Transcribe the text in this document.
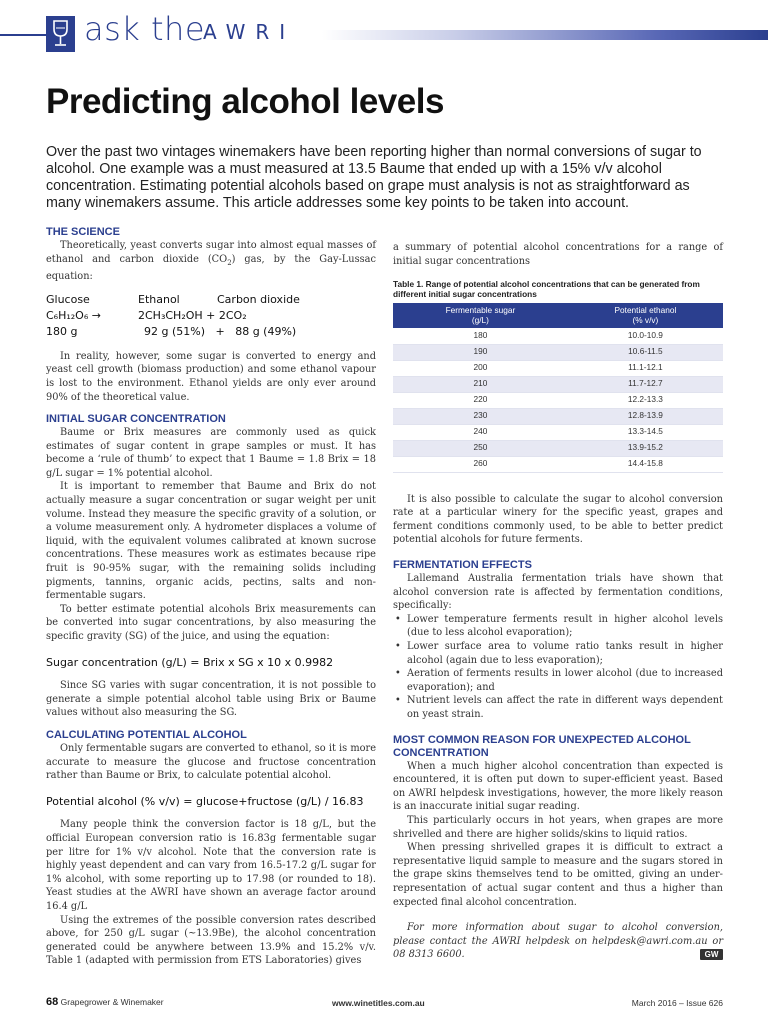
ask the
AWRI
Predicting alcohol levels
Over the past two vintages winemakers have been reporting higher than normal conversions of sugar to alcohol. One example was a must measured at 13.5 Baume that ended up with a 15% v/v alcohol concentration. Estimating potential alcohols based on grape must analysis is not as straightforward as many winemakers assume. This article addresses some key points to be taken into account.
THE SCIENCE

Theoretically, yeast converts sugar into almost equal masses of ethanol and carbon dioxide $(CO_2)$ gas, by the Gay-Lussac equation:

Glucose	Ethanol	Carbon dioxide
C₆H₁₂O₆ →	2CH₃CH₂OH + 2CO₂
180 g	92 g (51%)   +   88 g (49%)

In reality, however, some sugar is converted to energy and yeast cell growth (biomass production) and some ethanol vapour is lost to the environment. Ethanol yields are only ever around 90% of the theoretical value.

INITIAL SUGAR CONCENTRATION

Baume or Brix measures are commonly used as quick estimates of sugar content in grape samples or must. It has become a ‘rule of thumb’ to expect that 1 Baume = 1.8 Brix = 18 g/L sugar = 1% potential alcohol.

It is important to remember that Baume and Brix do not actually measure a sugar concentration or sugar weight per unit volume. Instead they measure the specific gravity of a solution, or a volume measurement only. A hydrometer displaces a volume of liquid, with the equivalent volumes calibrated at known sucrose concentrations. These measures work as estimates because ripe fruit is 90-95% sugar, with the remaining solids including pigments, tannins, organic acids, pectins, salts and non-fermentable sugars.

To better estimate potential alcohols Brix measurements can be converted into sugar concentrations, by also measuring the specific gravity (SG) of the juice, and using the equation:

Sugar concentration (g/L) = Brix x SG x 10 x 0.9982

Since SG varies with sugar concentration, it is not possible to generate a simple potential alcohol table using Brix or Baume values without also measuring the SG.

CALCULATING POTENTIAL ALCOHOL

Only fermentable sugars are converted to ethanol, so it is more accurate to measure the glucose and fructose concentration rather than Baume or Brix, to calculate potential alcohol.

Potential alcohol (% v/v) = glucose+fructose (g/L) / 16.83

Many people think the conversion factor is 18 g/L, but the official European conversion ratio is 16.83g fermentable sugar per litre for 1% v/v alcohol. Note that the conversion rate is highly yeast dependent and can vary from 16.5-17.2 g/L sugar for 1% alcohol, with some reporting up to 17.98 (or rounded to 18). Yeast studies at the AWRI have shown an average factor around 16.4 g/L

Using the extremes of the possible conversion rates described above, for 250 g/L sugar (~13.9Be), the alcohol concentration generated could be anywhere between 13.9% and 15.2% v/v. Table 1 (adapted with permission from ETS Laboratories) gives

a summary of potential alcohol concentrations for a range of initial sugar concentrations

Table 1. Range of potential alcohol concentrations that can be generated from different initial sugar concentrations
Fermentable sugar
(g/L)	Potential ethanol
(% v/v)
180	10.0-10.9
190	10.6-11.5
200	11.1-12.1
210	11.7-12.7
220	12.2-13.3
230	12.8-13.9
240	13.3-14.5
250	13.9-15.2
260	14.4-15.8

It is also possible to calculate the sugar to alcohol conversion rate at a particular winery for the specific yeast, grapes and ferment conditions commonly used, to be able to better predict potential alcohols for future ferments.

FERMENTATION EFFECTS

Lallemand Australia fermentation trials have shown that alcohol conversion rate is affected by fermentation conditions, specifically:

• Lower temperature ferments result in higher alcohol levels (due to less alcohol evaporation);
• Lower surface area to volume ratio tanks result in higher alcohol (again due to less evaporation);
• Aeration of ferments results in lower alcohol (due to increased evaporation); and
• Nutrient levels can affect the rate in different ways dependent on yeast strain.
MOST COMMON REASON FOR UNEXPECTED ALCOHOL CONCENTRATION

When a much higher alcohol concentration than expected is encountered, it is often put down to super-efficient yeast. Based on AWRI helpdesk investigations, however, the more likely reason is an inaccurate initial sugar reading.

This particularly occurs in hot years, when grapes are more shrivelled and there are higher solids/skins to liquid ratios.

When pressing shrivelled grapes it is difficult to extract a representative liquid sample to measure and the sugars stored in the grape skins themselves tend to be omitted, giving an under-representation of actual sugar content and thus a higher than expected final alcohol concentration.

For more information about sugar to alcohol conversion, please contact the AWRI helpdesk on helpdesk@awri.com.au or 08 8313 6600.	GW
68 Grapegrower & Winemaker	www.winetitles.com.au	March 2016 – Issue 626
